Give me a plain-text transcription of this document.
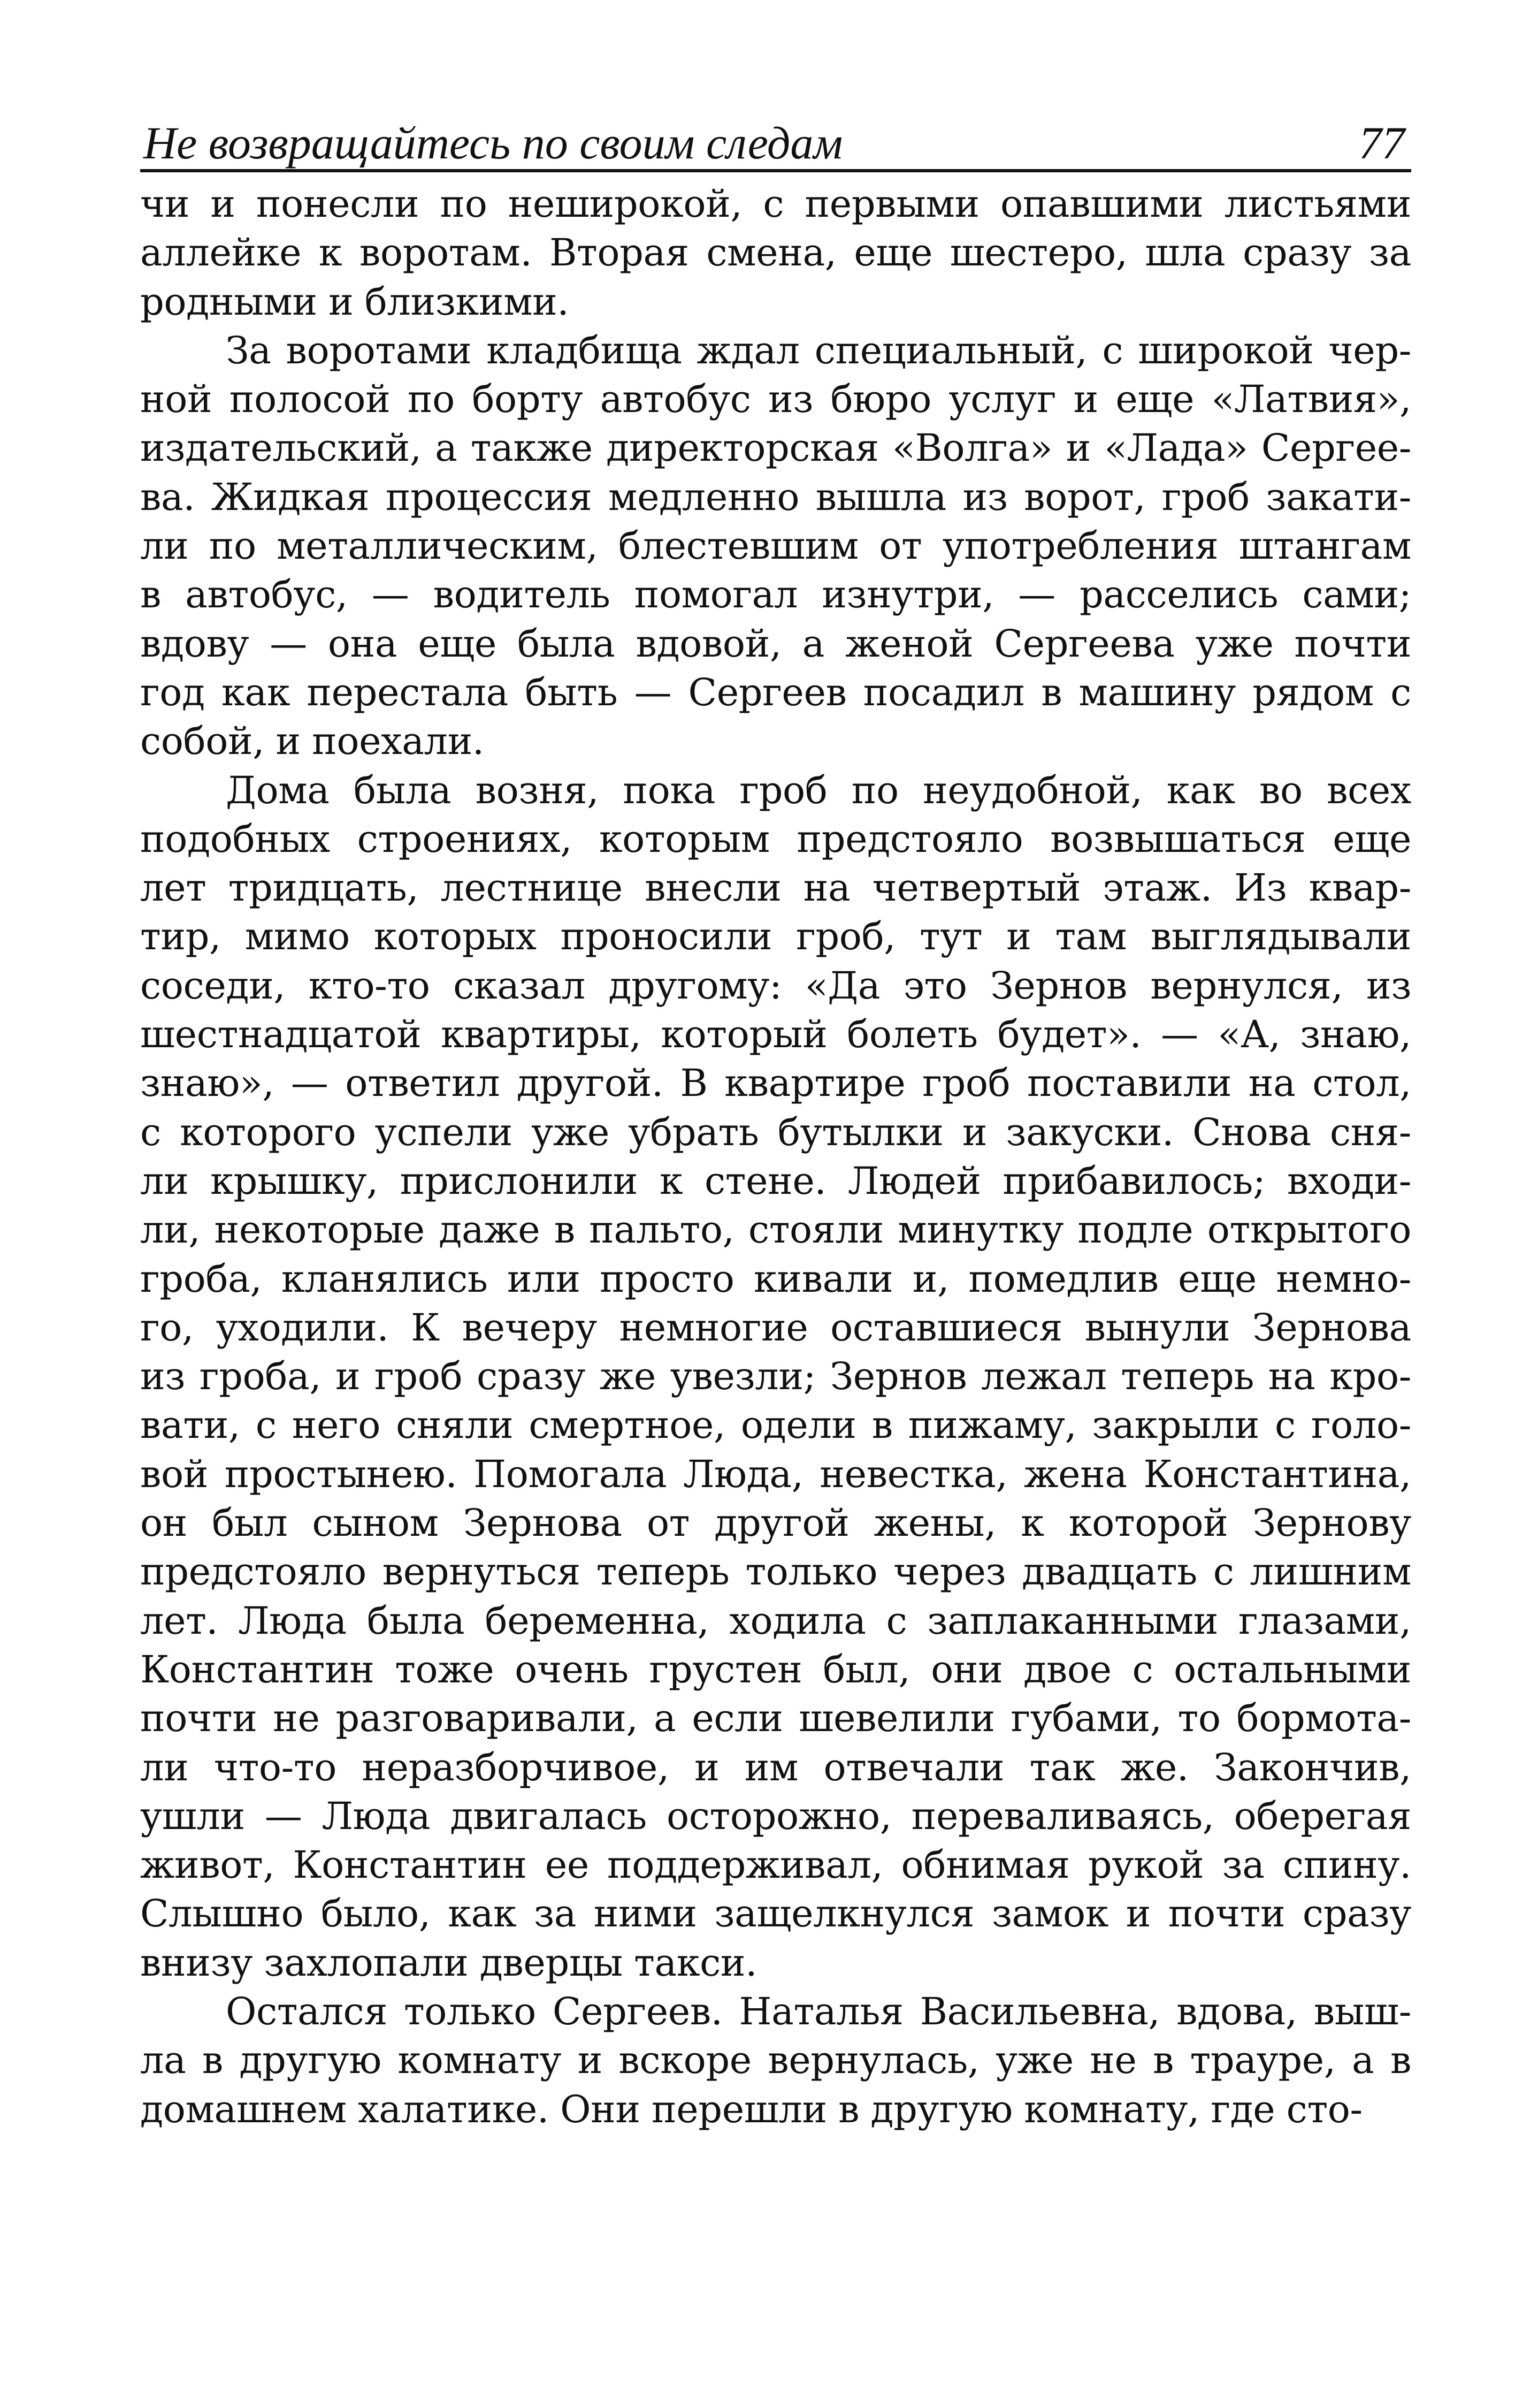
Не возвращайтесь по своим следам	77
чи и понесли по неширокой, с первыми опавшими листьями
аллейке к воротам. Вторая смена, еще шестеро, шла сразу за
родными и близкими.
За воротами кладбища ждал специальный, с широкой чер-
ной полосой по борту автобус из бюро услуг и еще «Латвия»,
издательский, а также директорская «Волга» и «Лада» Сергее-
ва. Жидкая процессия медленно вышла из ворот, гроб закати-
ли по металлическим, блестевшим от употребления штангам
в автобус, — водитель помогал изнутри, — расселись сами;
вдову — она еще была вдовой, а женой Сергеева уже почти
год как перестала быть — Сергеев посадил в машину рядом с
собой, и поехали.
Дома была возня, пока гроб по неудобной, как во всех
подобных строениях, которым предстояло возвышаться еще
лет тридцать, лестнице внесли на четвертый этаж. Из квар-
тир, мимо которых проносили гроб, тут и там выглядывали
соседи, кто-то сказал другому: «Да это Зернов вернулся, из
шестнадцатой квартиры, который болеть будет». — «А, знаю,
знаю», — ответил другой. В квартире гроб поставили на стол,
с которого успели уже убрать бутылки и закуски. Снова сня-
ли крышку, прислонили к стене. Людей прибавилось; входи-
ли, некоторые даже в пальто, стояли минутку подле открытого
гроба, кланялись или просто кивали и, помедлив еще немно-
го, уходили. К вечеру немногие оставшиеся вынули Зернова
из гроба, и гроб сразу же увезли; Зернов лежал теперь на кро-
вати, с него сняли смертное, одели в пижаму, закрыли с голо-
вой простынею. Помогала Люда, невестка, жена Константина,
он был сыном Зернова от другой жены, к которой Зернову
предстояло вернуться теперь только через двадцать с лишним
лет. Люда была беременна, ходила с заплаканными глазами,
Константин тоже очень грустен был, они двое с остальными
почти не разговаривали, а если шевелили губами, то бормота-
ли что-то неразборчивое, и им отвечали так же. Закончив,
ушли — Люда двигалась осторожно, переваливаясь, оберегая
живот, Константин ее поддерживал, обнимая рукой за спину.
Слышно было, как за ними защелкнулся замок и почти сразу
внизу захлопали дверцы такси.
Остался только Сергеев. Наталья Васильевна, вдова, выш-
ла в другую комнату и вскоре вернулась, уже не в трауре, а в
домашнем халатике. Они перешли в другую комнату, где сто-
